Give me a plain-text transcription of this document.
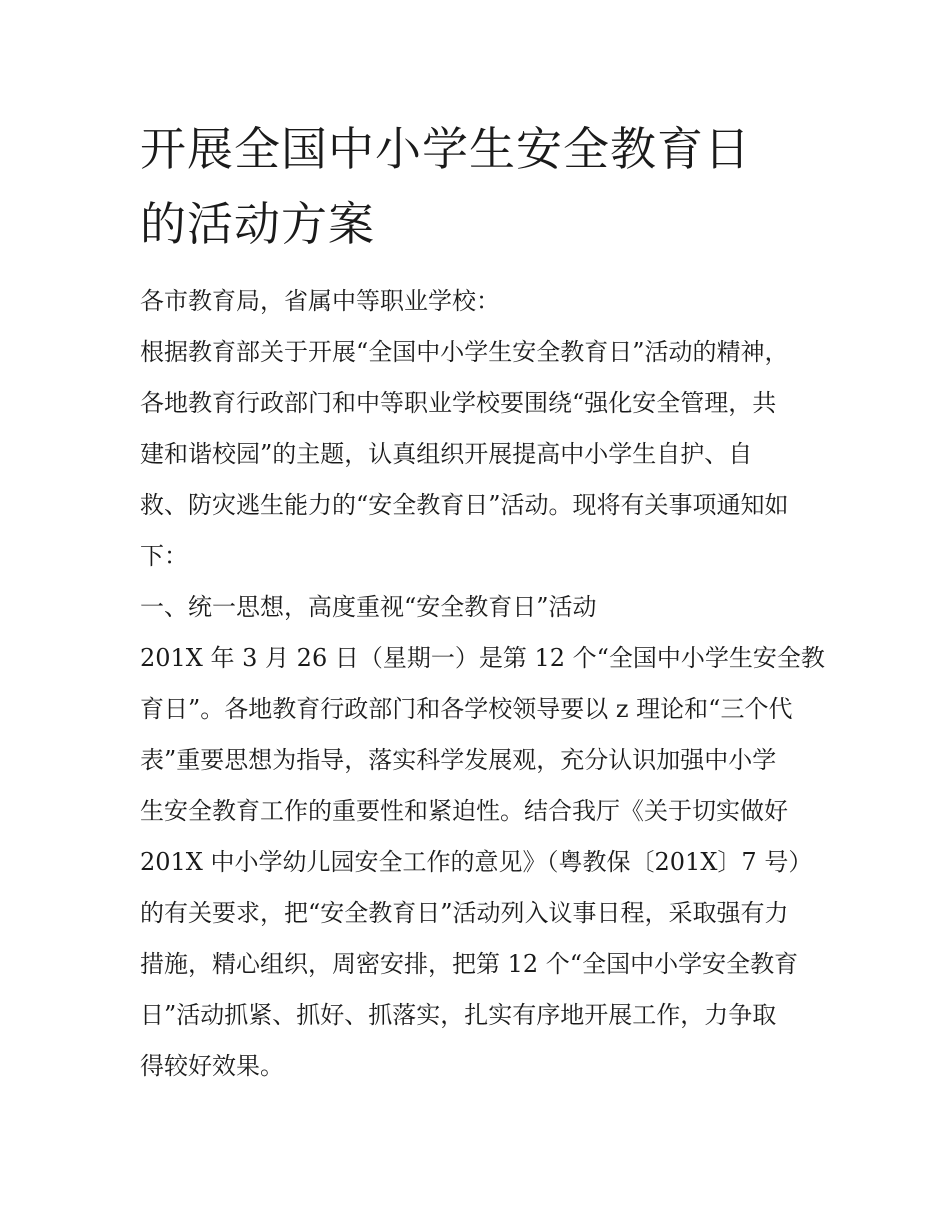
开展全国中小学生安全教育日
的活动方案
各市教育局，省属中等职业学校：
根据教育部关于开展“全国中小学生安全教育日”活动的精神，
各地教育行政部门和中等职业学校要围绕“强化安全管理，共
建和谐校园”的主题，认真组织开展提高中小学生自护、自
救、防灾逃生能力的“安全教育日”活动。现将有关事项通知如
下：
一、统一思想，高度重视“安全教育日”活动
201X 年 3 月 26 日（星期一）是第 12 个“全国中小学生安全教
育日”。各地教育行政部门和各学校领导要以 z 理论和“三个代
表”重要思想为指导，落实科学发展观，充分认识加强中小学
生安全教育工作的重要性和紧迫性。结合我厅《关于切实做好
201X 中小学幼儿园安全工作的意见》（粤教保〔201X〕7 号）
的有关要求，把“安全教育日”活动列入议事日程，采取强有力
措施，精心组织，周密安排，把第 12 个“全国中小学安全教育
日”活动抓紧、抓好、抓落实，扎实有序地开展工作，力争取
得较好效果。
